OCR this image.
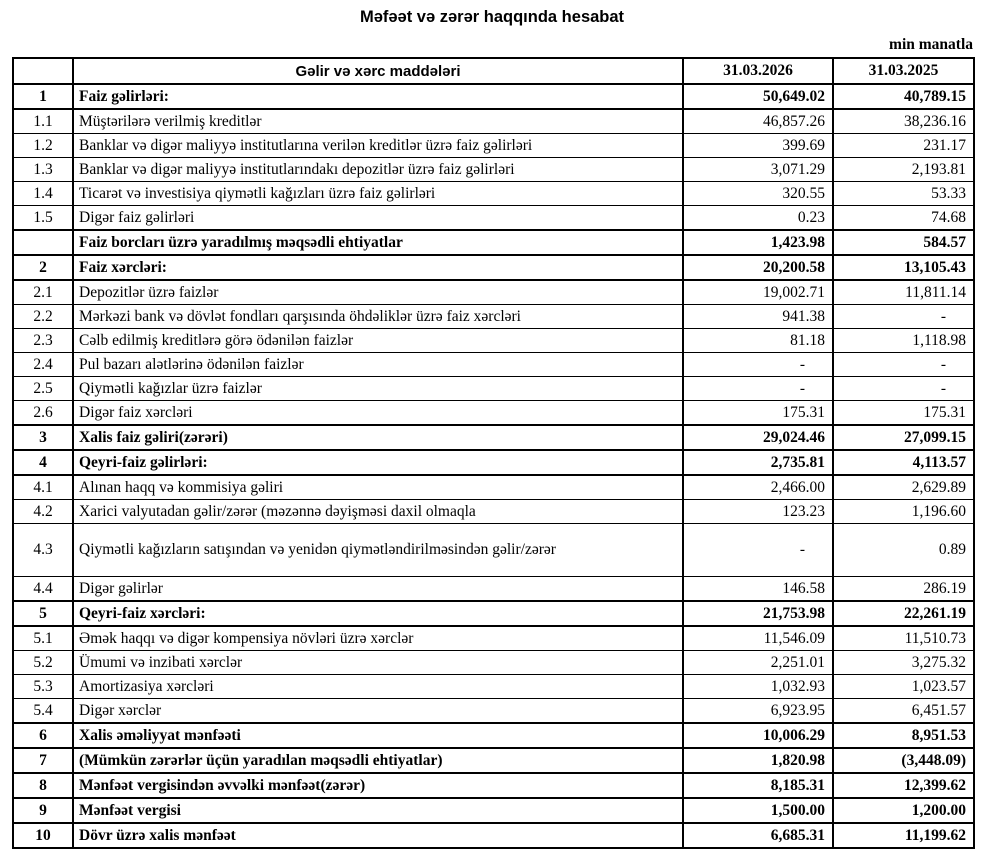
Məfəət və zərər haqqında hesabat
min manatla
	Gəlir və xərc maddələri	31.03.2026	31.03.2025
1	Faiz gəlirləri:	50,649.02	40,789.15
1.1	Müştərilərə verilmiş kreditlər	46,857.26	38,236.16
1.2	Banklar və digər maliyyə institutlarına verilən kreditlər üzrə faiz gəlirləri	399.69	231.17
1.3	Banklar və digər maliyyə institutlarındakı depozitlər üzrə faiz gəlirləri	3,071.29	2,193.81
1.4	Ticarət və investisiya qiymətli kağızları üzrə faiz gəlirləri	320.55	53.33
1.5	Digər faiz gəlirləri	0.23	74.68
	Faiz borcları üzrə yaradılmış məqsədli ehtiyatlar	1,423.98	584.57
2	Faiz xərcləri:	20,200.58	13,105.43
2.1	Depozitlər üzrə faizlər	19,002.71	11,811.14
2.2	Mərkəzi bank və dövlət fondları qarşısında öhdəliklər üzrə faiz xərcləri	941.38	-
2.3	Cəlb edilmiş kreditlərə görə ödənilən faizlər	81.18	1,118.98
2.4	Pul bazarı alətlərinə ödənilən faizlər	-	-
2.5	Qiymətli kağızlar üzrə faizlər	-	-
2.6	Digər faiz xərcləri	175.31	175.31
3	Xalis faiz gəliri(zərəri)	29,024.46	27,099.15
4	Qeyri-faiz gəlirləri:	2,735.81	4,113.57
4.1	Alınan haqq və kommisiya gəliri	2,466.00	2,629.89
4.2	Xarici valyutadan gəlir/zərər (məzənnə dəyişməsi daxil olmaqla	123.23	1,196.60
4.3	Qiymətli kağızların satışından və yenidən qiymətləndirilməsindən gəlir/zərər	-	0.89
4.4	Digər gəlirlər	146.58	286.19
5	Qeyri-faiz xərcləri:	21,753.98	22,261.19
5.1	Əmək haqqı və digər kompensiya növləri üzrə xərclər	11,546.09	11,510.73
5.2	Ümumi və inzibati xərclər	2,251.01	3,275.32
5.3	Amortizasiya xərcləri	1,032.93	1,023.57
5.4	Digər xərclər	6,923.95	6,451.57
6	Xalis əməliyyat mənfəəti	10,006.29	8,951.53
7	(Mümkün zərərlər üçün yaradılan məqsədli ehtiyatlar)	1,820.98	(3,448.09)
8	Mənfəət vergisindən əvvəlki mənfəət(zərər)	8,185.31	12,399.62
9	Mənfəət vergisi	1,500.00	1,200.00
10	Dövr üzrə xalis mənfəət	6,685.31	11,199.62
